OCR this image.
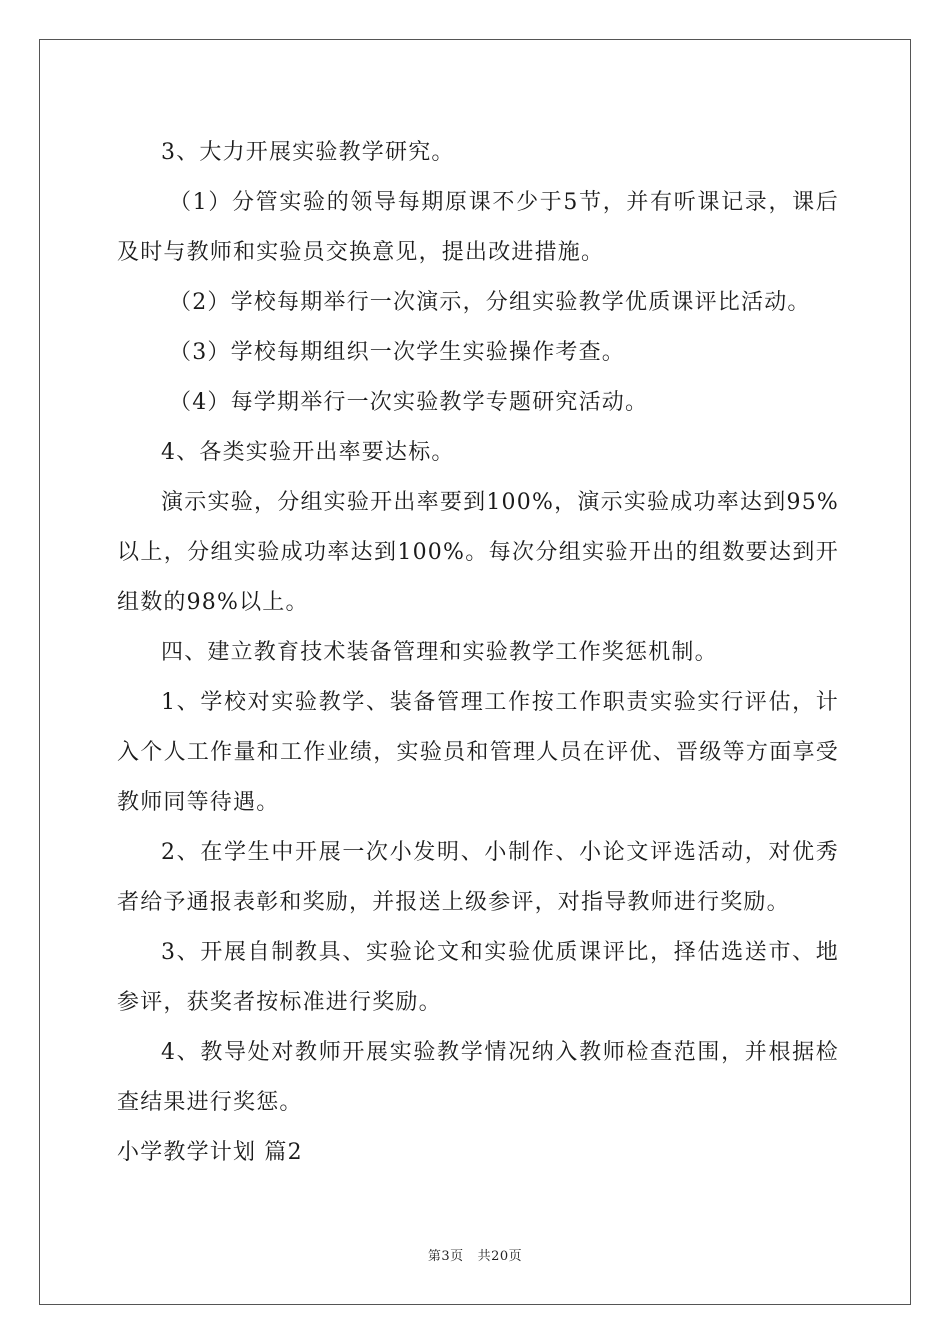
3、大力开展实验教学研究。

（1）分管实验的领导每期原课不少于5节，并有听课记录，课后及时与教师和实验员交换意见，提出改进措施。

（2）学校每期举行一次演示，分组实验教学优质课评比活动。

（3）学校每期组织一次学生实验操作考查。

（4）每学期举行一次实验教学专题研究活动。

4、各类实验开出率要达标。

演示实验，分组实验开出率要到100%，演示实验成功率达到95%以上，分组实验成功率达到100%。每次分组实验开出的组数要达到开组数的98%以上。

四、建立教育技术装备管理和实验教学工作奖惩机制。

1、学校对实验教学、装备管理工作按工作职责实验实行评估，计入个人工作量和工作业绩，实验员和管理人员在评优、晋级等方面享受教师同等待遇。

2、在学生中开展一次小发明、小制作、小论文评选活动，对优秀者给予通报表彰和奖励，并报送上级参评，对指导教师进行奖励。

3、开展自制教具、实验论文和实验优质课评比，择估选送市、地参评，获奖者按标准进行奖励。

4、教导处对教师开展实验教学情况纳入教师检查范围，并根据检查结果进行奖惩。

小学教学计划 篇2

第3页 共20页
